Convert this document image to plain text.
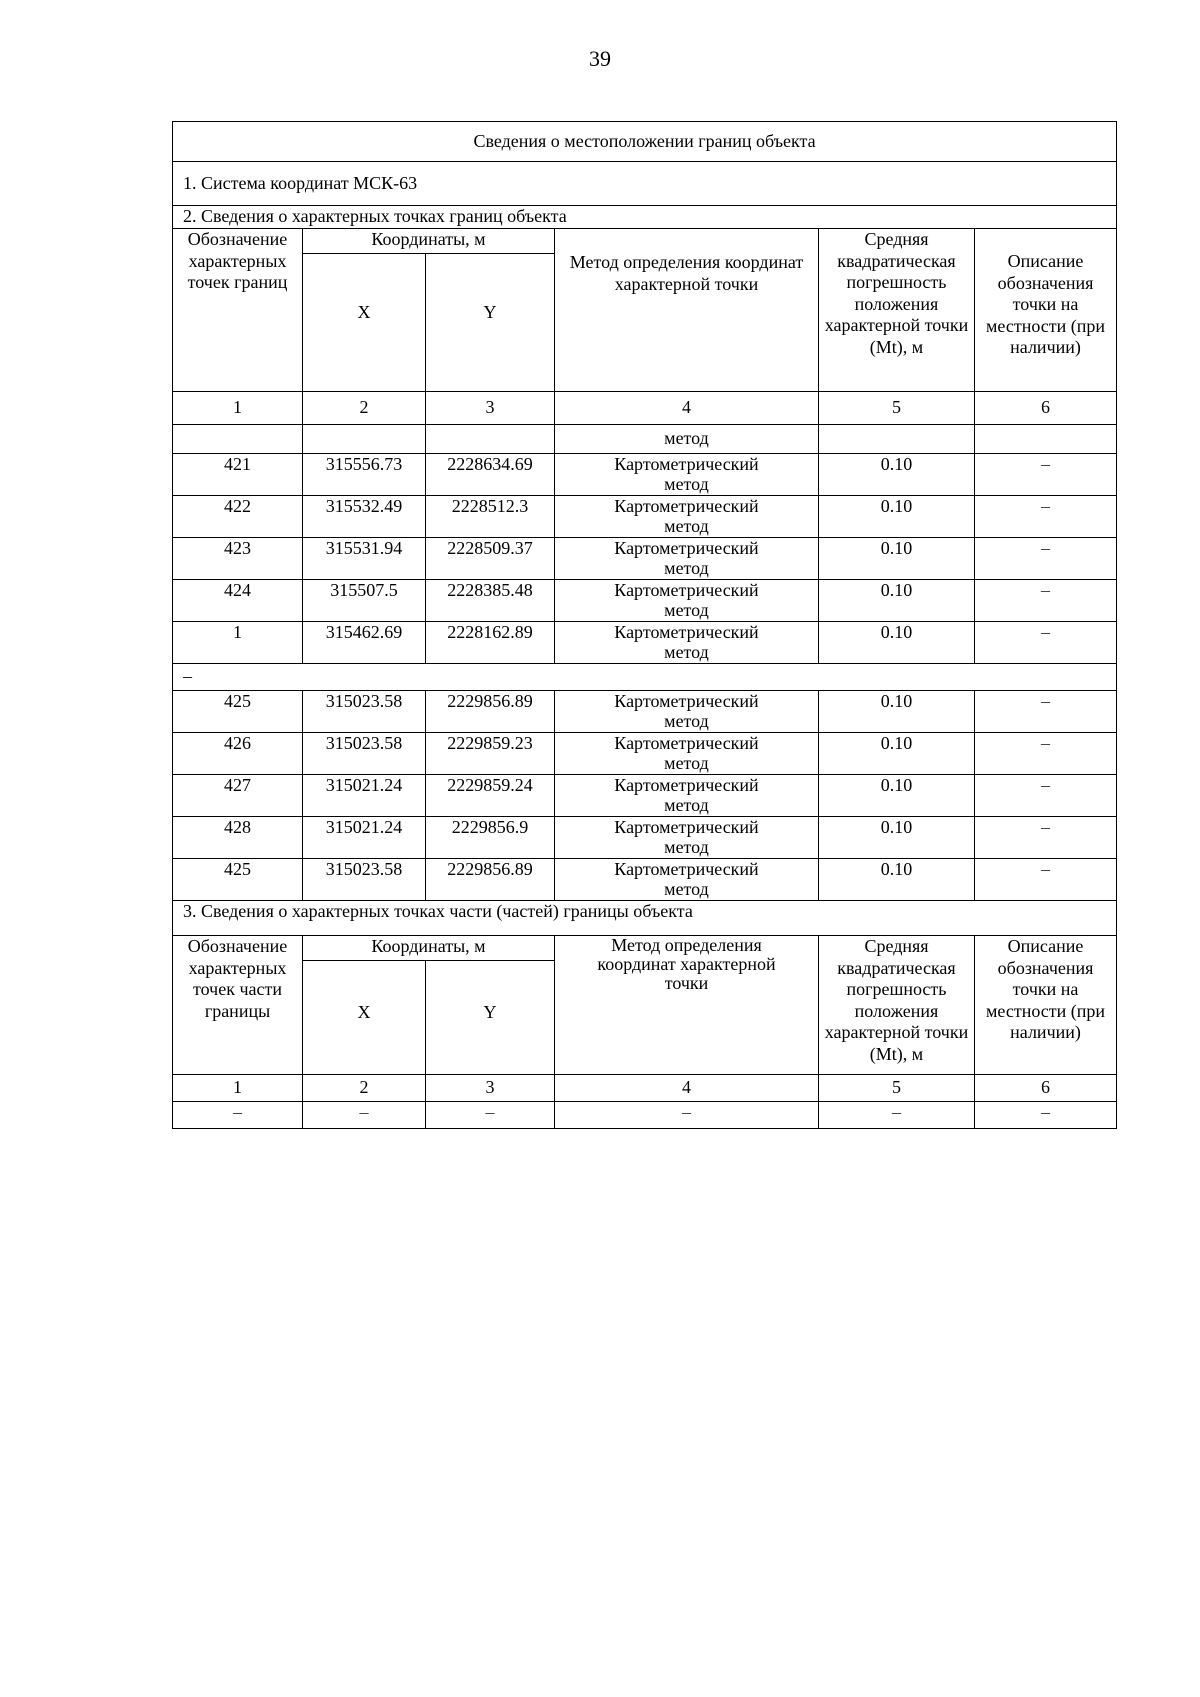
39
Сведения о местоположении границ объекта					
1. Система координат МСК-63					
2. Сведения о характерных точках границ объекта					
Обозначение характерных точек границ	Координаты, м		Метод определения координат характерной точки	Средняя квадратическая погрешность положения характерной точки (Mt), м	Описание обозначения точки на местности (при наличии)
	X	Y			
1	2	3	4	5	6
			метод		
421	315556.73	2228634.69	Картометрический метод	0.10	–
422	315532.49	2228512.3	Картометрический метод	0.10	–
423	315531.94	2228509.37	Картометрический метод	0.10	–
424	315507.5	2228385.48	Картометрический метод	0.10	–
1	315462.69	2228162.89	Картометрический метод	0.10	–
–					
425	315023.58	2229856.89	Картометрический метод	0.10	–
426	315023.58	2229859.23	Картометрический метод	0.10	–
427	315021.24	2229859.24	Картометрический метод	0.10	–
428	315021.24	2229856.9	Картометрический метод	0.10	–
425	315023.58	2229856.89	Картометрический метод	0.10	–
3. Сведения о характерных точках части (частей) границы объекта					
Обозначение характерных точек части границы	Координаты, м		Метод определения координат характерной точки	Средняя квадратическая погрешность положения характерной точки (Mt), м	Описание обозначения точки на местности (при наличии)
	X	Y			
1	2	3	4	5	6
–	–	–	–	–	–
